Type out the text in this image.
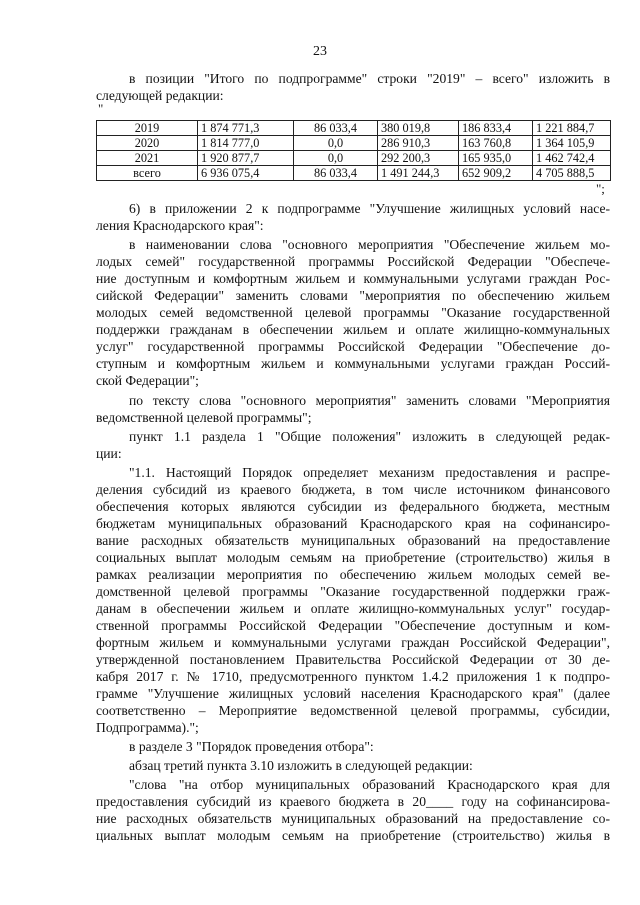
23
в позиции "Итого по подпрограмме" строки "2019" – всего" изложить в
следующей редакции:
"
2019	1 874 771,3	86 033,4	380 019,8	186 833,4	1 221 884,7
2020	1 814 777,0	0,0	286 910,3	163 760,8	1 364 105,9
2021	1 920 877,7	0,0	292 200,3	165 935,0	1 462 742,4
всего	6 936 075,4	86 033,4	1 491 244,3	652 909,2	4 705 888,5
";
6) в приложении 2 к подпрограмме "Улучшение жилищных условий насе-
ления Краснодарского края":
в наименовании слова "основного мероприятия "Обеспечение жильем мо-
лодых семей" государственной программы Российской Федерации "Обеспече-
ние доступным и комфортным жильем и коммунальными услугами граждан Рос-
сийской Федерации" заменить словами "мероприятия по обеспечению жильем
молодых семей ведомственной целевой программы "Оказание государственной
поддержки гражданам в обеспечении жильем и оплате жилищно-коммунальных
услуг" государственной программы Российской Федерации "Обеспечение до-
ступным и комфортным жильем и коммунальными услугами граждан Россий-
ской Федерации";
по тексту слова "основного мероприятия" заменить словами "Мероприятия
ведомственной целевой программы";
пункт 1.1 раздела 1 "Общие положения" изложить в следующей редак-
ции:
"1.1. Настоящий Порядок определяет механизм предоставления и распре-
деления субсидий из краевого бюджета, в том числе источником финансового
обеспечения которых являются субсидии из федерального бюджета, местным
бюджетам муниципальных образований Краснодарского края на софинансиро-
вание расходных обязательств муниципальных образований на предоставление
социальных выплат молодым семьям на приобретение (строительство) жилья в
рамках реализации мероприятия по обеспечению жильем молодых семей ве-
домственной целевой программы "Оказание государственной поддержки граж-
данам в обеспечении жильем и оплате жилищно-коммунальных услуг" государ-
ственной программы Российской Федерации "Обеспечение доступным и ком-
фортным жильем и коммунальными услугами граждан Российской Федерации",
утвержденной постановлением Правительства Российской Федерации от 30 де-
кабря 2017 г. № 1710, предусмотренного пунктом 1.4.2 приложения 1 к подпро-
грамме "Улучшение жилищных условий населения Краснодарского края" (далее
соответственно – Мероприятие ведомственной целевой программы, субсидии,
Подпрограмма).";
в разделе 3 "Порядок проведения отбора":
абзац третий пункта 3.10 изложить в следующей редакции:
"слова "на отбор муниципальных образований Краснодарского края для
предоставления субсидий из краевого бюджета в 20____ году на софинансирова-
ние расходных обязательств муниципальных образований на предоставление со-
циальных выплат молодым семьям на приобретение (строительство) жилья в
